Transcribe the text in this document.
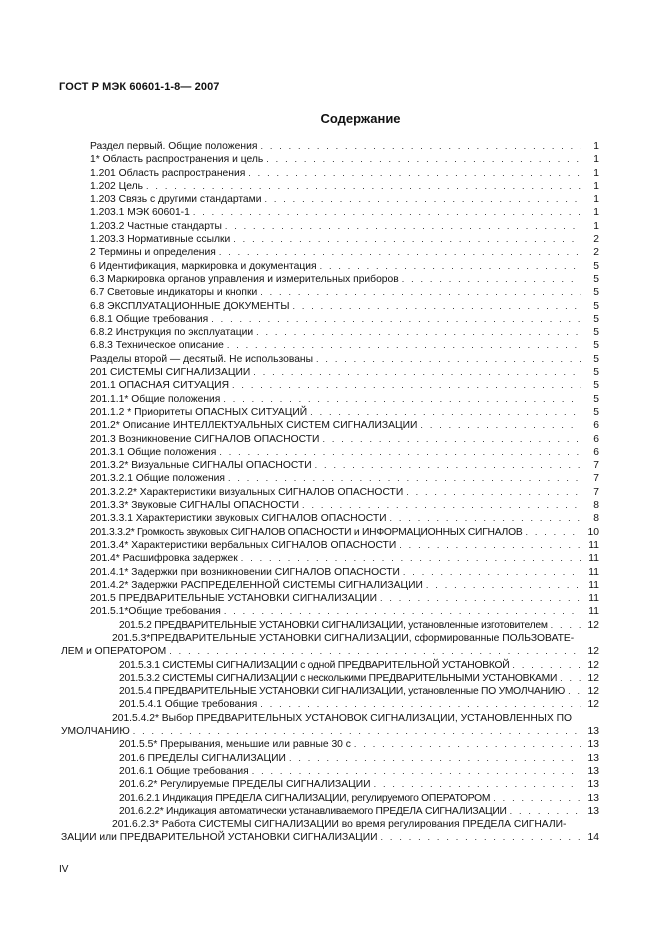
ГОСТ Р МЭК 60601-1-8— 2007
Содержание
Раздел первый. Общие положения . . .	1
1* Область распространения и цель . . .	1
1.201 Область распространения . . .	1
1.202 Цель . . .	1
1.203 Связь с другими стандартами . . .	1
1.203.1 МЭК 60601-1 . . .	1
1.203.2 Частные стандарты . . .	1
1.203.3 Нормативные ссылки . . .	2
2 Термины и определения . . .	2
6 Идентификация, маркировка и документация . . .	5
6.3 Маркировка органов управления и измерительных приборов . . .	5
6.7 Световые индикаторы и кнопки . . .	5
6.8 ЭКСПЛУАТАЦИОННЫЕ ДОКУМЕНТЫ . . .	5
6.8.1 Общие требования . . .	5
6.8.2 Инструкция по эксплуатации . . .	5
6.8.3 Техническое описание . . .	5
Разделы второй — десятый. Не использованы . . .	5
201 СИСТЕМЫ СИГНАЛИЗАЦИИ . . .	5
201.1 ОПАСНАЯ СИТУАЦИЯ . . .	5
201.1.1* Общие положения . . .	5
201.1.2 * Приоритеты ОПАСНЫХ СИТУАЦИЙ . . .	5
201.2* Описание ИНТЕЛЛЕКТУАЛЬНЫХ СИСТЕМ СИГНАЛИЗАЦИИ . . .	6
201.3 Возникновение СИГНАЛОВ ОПАСНОСТИ . . .	6
201.3.1 Общие положения . . .	6
201.3.2* Визуальные СИГНАЛЫ ОПАСНОСТИ . . .	7
201.3.2.1 Общие положения . . .	7
201.3.2.2* Характеристики визуальных СИГНАЛОВ ОПАСНОСТИ . . .	7
201.3.3* Звуковые СИГНАЛЫ ОПАСНОСТИ . . .	8
201.3.3.1 Характеристики звуковых СИГНАЛОВ ОПАСНОСТИ . . .	8
201.3.3.2* Громкость звуковых СИГНАЛОВ ОПАСНОСТИ и ИНФОРМАЦИОННЫХ СИГНАЛОВ . . .	10
201.3.4* Характеристики вербальных СИГНАЛОВ ОПАСНОСТИ . . .	11
201.4* Расшифровка задержек . . .	11
201.4.1* Задержки при возникновении СИГНАЛОВ ОПАСНОСТИ . . .	11
201.4.2* Задержки РАСПРЕДЕЛЕННОЙ СИСТЕМЫ СИГНАЛИЗАЦИИ . . .	11
201.5 ПРЕДВАРИТЕЛЬНЫЕ УСТАНОВКИ СИГНАЛИЗАЦИИ . . .	11
201.5.1*Общие требования . . .	11
201.5.2 ПРЕДВАРИТЕЛЬНЫЕ УСТАНОВКИ СИГНАЛИЗАЦИИ, установленные изготовителем . . .	12
201.5.3*ПРЕДВАРИТЕЛЬНЫЕ УСТАНОВКИ СИГНАЛИЗАЦИИ, сформированные ПОЛЬЗОВАТЕ-
ЛЕМ и ОПЕРАТОРОМ . . .	12
201.5.3.1 СИСТЕМЫ СИГНАЛИЗАЦИИ с одной ПРЕДВАРИТЕЛЬНОЙ УСТАНОВКОЙ . . .	12
201.5.3.2 СИСТЕМЫ СИГНАЛИЗАЦИИ с несколькими ПРЕДВАРИТЕЛЬНЫМИ УСТАНОВКАМИ . . .	12
201.5.4 ПРЕДВАРИТЕЛЬНЫЕ УСТАНОВКИ СИГНАЛИЗАЦИИ, установленные ПО УМОЛЧАНИЮ . . .	12
201.5.4.1 Общие требования . . .	12
201.5.4.2* Выбор ПРЕДВАРИТЕЛЬНЫХ УСТАНОВОК СИГНАЛИЗАЦИИ, УСТАНОВЛЕННЫХ ПО
УМОЛЧАНИЮ . . .	13
201.5.5* Прерывания, меньшие или равные 30 с . . .	13
201.6 ПРЕДЕЛЫ СИГНАЛИЗАЦИИ . . .	13
201.6.1 Общие требования . . .	13
201.6.2* Регулируемые ПРЕДЕЛЫ СИГНАЛИЗАЦИИ . . .	13
201.6.2.1 Индикация ПРЕДЕЛА СИГНАЛИЗАЦИИ, регулируемого ОПЕРАТОРОМ . . .	13
201.6.2.2* Индикация автоматически устанавливаемого ПРЕДЕЛА СИГНАЛИЗАЦИИ . . .	13
201.6.2.3* Работа СИСТЕМЫ СИГНАЛИЗАЦИИ во время регулирования ПРЕДЕЛА СИГНАЛИ-
ЗАЦИИ или ПРЕДВАРИТЕЛЬНОЙ УСТАНОВКИ СИГНАЛИЗАЦИИ . . .	14
IV
